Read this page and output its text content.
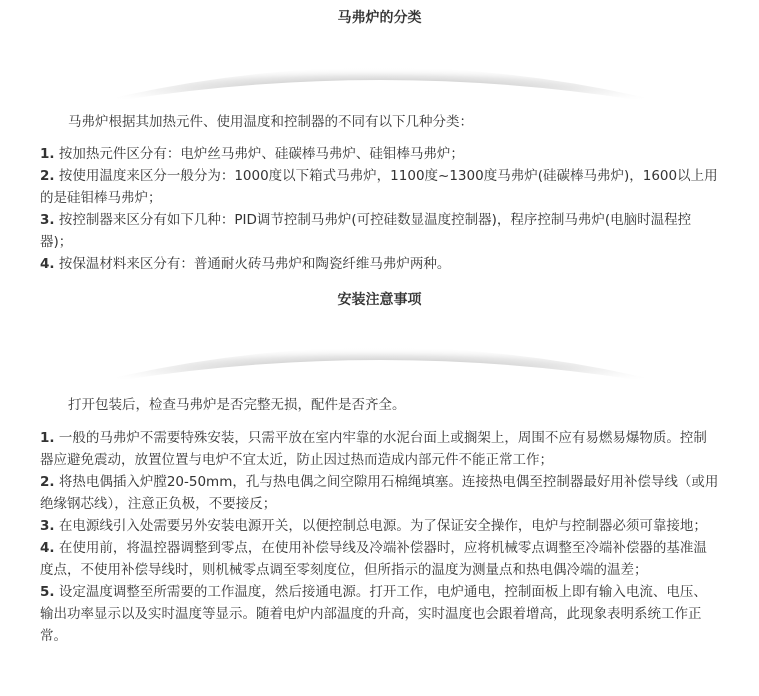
马弗炉的分类
马弗炉根据其加热元件、使用温度和控制器的不同有以下几种分类：

1. 按加热元件区分有：电炉丝马弗炉、硅碳棒马弗炉、硅钼棒马弗炉；

2. 按使用温度来区分一般分为：1000度以下箱式马弗炉，1100度~1300度马弗炉(硅碳棒马弗炉)，1600以上用的是硅钼棒马弗炉；

3. 按控制器来区分有如下几种：PID调节控制马弗炉(可控硅数显温度控制器)，程序控制马弗炉(电脑时温程控器)；

4. 按保温材料来区分有：普通耐火砖马弗炉和陶瓷纤维马弗炉两种。

安装注意事项
打开包装后，检查马弗炉是否完整无损，配件是否齐全。

1. 一般的马弗炉不需要特殊安装，只需平放在室内牢靠的水泥台面上或搁架上，周围不应有易燃易爆物质。控制器应避免震动，放置位置与电炉不宜太近，防止因过热而造成内部元件不能正常工作；

2. 将热电偶插入炉膛20-50mm，孔与热电偶之间空隙用石棉绳填塞。连接热电偶至控制器最好用补偿导线（或用绝缘钢芯线），注意正负极，不要接反；

3. 在电源线引入处需要另外安装电源开关，以便控制总电源。为了保证安全操作，电炉与控制器必须可靠接地；

4. 在使用前，将温控器调整到零点，在使用补偿导线及冷端补偿器时，应将机械零点调整至冷端补偿器的基准温度点，不使用补偿导线时，则机械零点调至零刻度位，但所指示的温度为测量点和热电偶冷端的温差；

5. 设定温度调整至所需要的工作温度，然后接通电源。打开工作，电炉通电，控制面板上即有输入电流、电压、输出功率显示以及实时温度等显示。随着电炉内部温度的升高，实时温度也会跟着增高，此现象表明系统工作正常。
